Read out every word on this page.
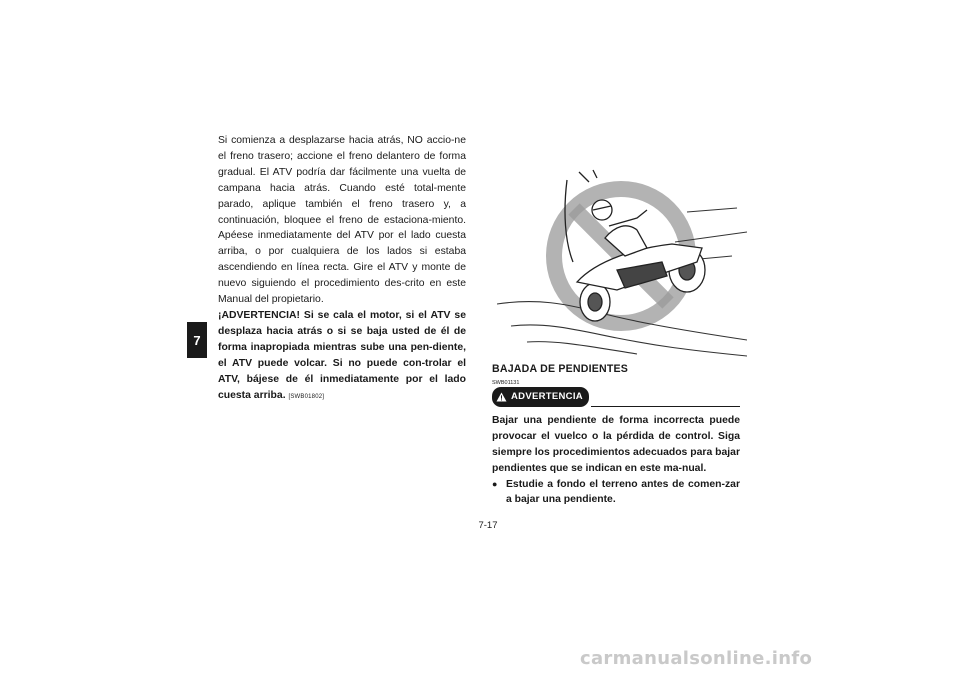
7
Si comienza a desplazarse hacia atrás, NO accio-ne el freno trasero; accione el freno delantero de forma gradual. El ATV podría dar fácilmente una vuelta de campana hacia atrás. Cuando esté total-mente parado, aplique también el freno trasero y, a continuación, bloquee el freno de estaciona-miento. Apéese inmediatamente del ATV por el lado cuesta arriba, o por cualquiera de los lados si estaba ascendiendo en línea recta. Gire el ATV y monte de nuevo siguiendo el procedimiento des-crito en este Manual del propietario.
¡ADVERTENCIA! Si se cala el motor, si el ATV se desplaza hacia atrás o si se baja usted de él de forma inapropiada mientras sube una pen-diente, el ATV puede volcar. Si no puede con-trolar el ATV, bájese de él inmediatamente por el lado cuesta arriba. [SWB01802]
BAJADA DE PENDIENTES
SWB01131
ADVERTENCIA
Bajar una pendiente de forma incorrecta puede provocar el vuelco o la pérdida de control. Siga siempre los procedimientos adecuados para bajar pendientes que se indican en este ma-nual.
● Estudie a fondo el terreno antes de comen-zar a bajar una pendiente.
7-17
carmanualsonline.info
